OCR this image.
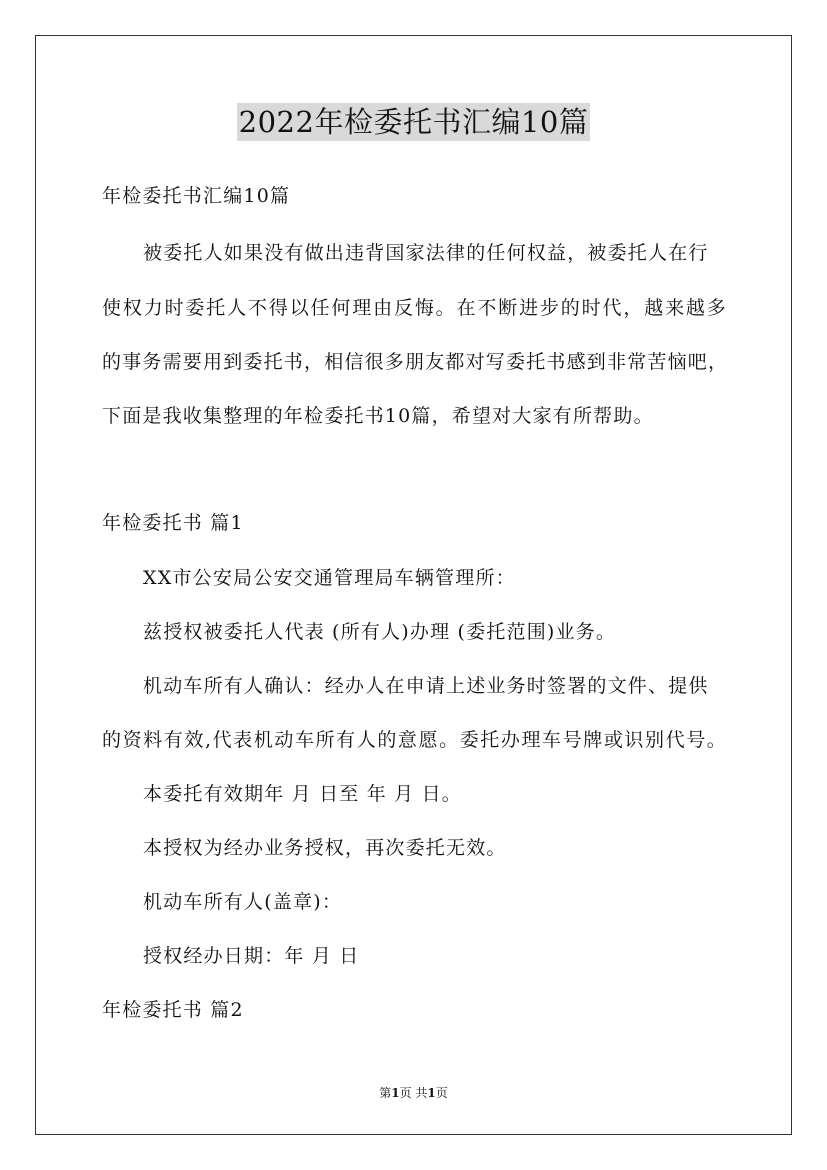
2022年检委托书汇编10篇
年检委托书汇编10篇
被委托人如果没有做出违背国家法律的任何权益，被委托人在行
使权力时委托人不得以任何理由反悔。在不断进步的时代，越来越多
的事务需要用到委托书，相信很多朋友都对写委托书感到非常苦恼吧，
下面是我收集整理的年检委托书10篇，希望对大家有所帮助。
年检委托书 篇1
XX市公安局公安交通管理局车辆管理所：
兹授权被委托人代表 (所有人)办理 (委托范围)业务。
机动车所有人确认：经办人在申请上述业务时签署的文件、提供
的资料有效,代表机动车所有人的意愿。委托办理车号牌或识别代号。
本委托有效期年 月 日至 年 月 日。
本授权为经办业务授权，再次委托无效。
机动车所有人(盖章)：
授权经办日期：年 月 日
年检委托书 篇2
第1页 共1页
